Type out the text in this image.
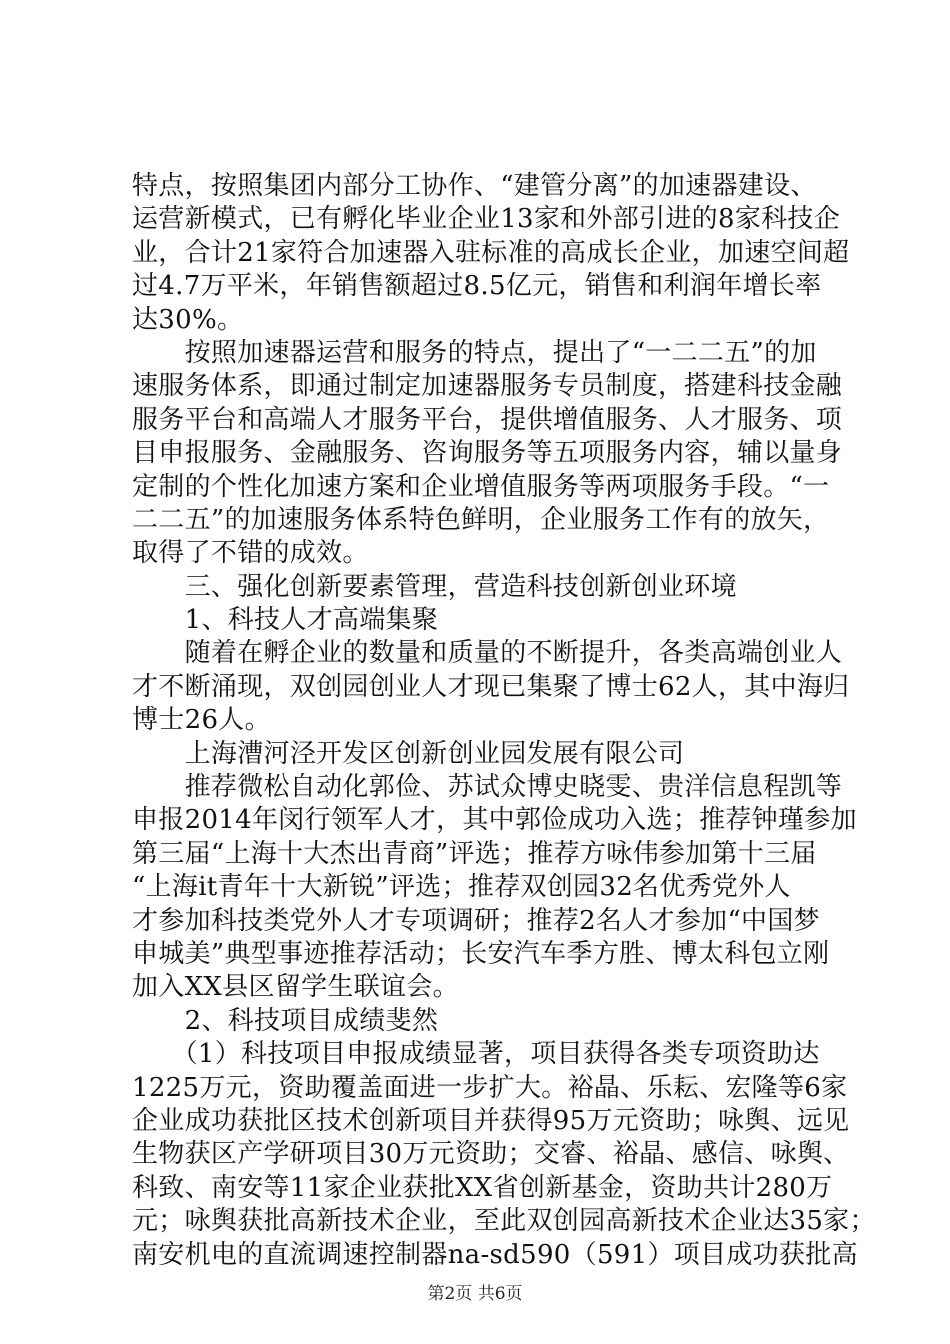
特点，按照集团内部分工协作、“建管分离”的加速器建设、
运营新模式，已有孵化毕业企业13家和外部引进的8家科技企
业，合计21家符合加速器入驻标准的高成长企业，加速空间超
过4.7万平米，年销售额超过8.5亿元，销售和利润年增长率
达30%。
　　按照加速器运营和服务的特点，提出了“一二二五”的加
速服务体系，即通过制定加速器服务专员制度，搭建科技金融
服务平台和高端人才服务平台，提供增值服务、人才服务、项
目申报服务、金融服务、咨询服务等五项服务内容，辅以量身
定制的个性化加速方案和企业增值服务等两项服务手段。“一
二二五”的加速服务体系特色鲜明，企业服务工作有的放矢，
取得了不错的成效。
　　三、强化创新要素管理，营造科技创新创业环境
　　1、科技人才高端集聚
　　随着在孵企业的数量和质量的不断提升，各类高端创业人
才不断涌现，双创园创业人才现已集聚了博士62人，其中海归
博士26人。
　　上海漕河泾开发区创新创业园发展有限公司
　　推荐微松自动化郭俭、苏试众博史晓雯、贵洋信息程凯等
申报2014年闵行领军人才，其中郭俭成功入选；推荐钟瑾参加
第三届“上海十大杰出青商”评选；推荐方咏伟参加第十三届
“上海it青年十大新锐”评选；推荐双创园32名优秀党外人
才参加科技类党外人才专项调研；推荐2名人才参加“中国梦
申城美”典型事迹推荐活动；长安汽车季方胜、博太科包立刚
加入XX县区留学生联谊会。
　　2、科技项目成绩斐然
　　（1）科技项目申报成绩显著，项目获得各类专项资助达
1225万元，资助覆盖面进一步扩大。裕晶、乐耘、宏隆等6家
企业成功获批区技术创新项目并获得95万元资助；咏舆、远见
生物获区产学研项目30万元资助；交睿、裕晶、感信、咏舆、
科致、南安等11家企业获批XX省创新基金，资助共计280万
元；咏舆获批高新技术企业，至此双创园高新技术企业达35家；
南安机电的直流调速控制器na-sd590（591）项目成功获批高
第2页 共6页
